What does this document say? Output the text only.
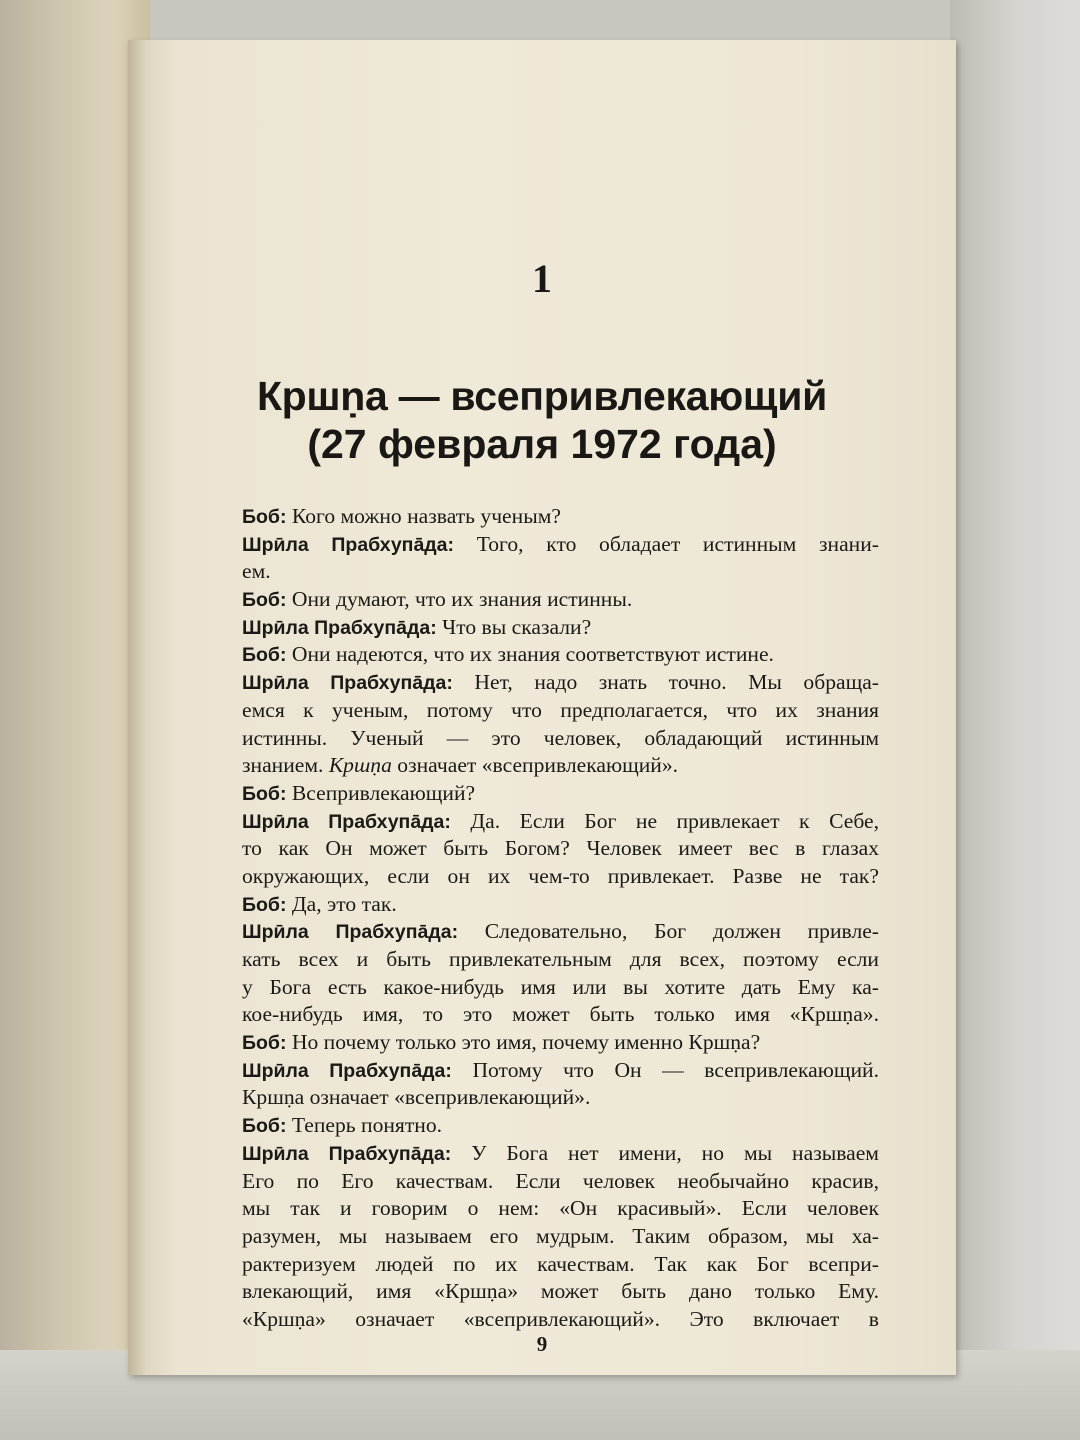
1
Кршṇа — всепривлекающий
(27 февраля 1972 года)
Боб: Кого можно назвать ученым?
Шрӣла Прабхупāда: Того, кто обладает истинным знани-
ем.
Боб: Они думают, что их знания истинны.
Шрӣла Прабхупāда: Что вы сказали?
Боб: Они надеются, что их знания соответствуют истине.
Шрӣла Прабхупāда: Нет, надо знать точно. Мы обраща-
емся к ученым, потому что предполагается, что их знания
истинны. Ученый — это человек, обладающий истинным
знанием. Кршṇа означает «всепривлекающий».
Боб: Всепривлекающий?
Шрӣла Прабхупāда: Да. Если Бог не привлекает к Себе,
то как Он может быть Богом? Человек имеет вес в глазах
окружающих, если он их чем-то привлекает. Разве не так?
Боб: Да, это так.
Шрӣла Прабхупāда: Следовательно, Бог должен привле-
кать всех и быть привлекательным для всех, поэтому если
у Бога есть какое-нибудь имя или вы хотите дать Ему ка-
кое-нибудь имя, то это может быть только имя «Кршṇа».
Боб: Но почему только это имя, почему именно Кршṇа?
Шрӣла Прабхупāда: Потому что Он — всепривлекающий.
Кршṇа означает «всепривлекающий».
Боб: Теперь понятно.
Шрӣла Прабхупāда: У Бога нет имени, но мы называем
Его по Его качествам. Если человек необычайно красив,
мы так и говорим о нем: «Он красивый». Если человек
разумен, мы называем его мудрым. Таким образом, мы ха-
рактеризуем людей по их качествам. Так как Бог всепри-
влекающий, имя «Кршṇа» может быть дано только Ему.
«Кршṇа» означает «всепривлекающий». Это включает в
9
